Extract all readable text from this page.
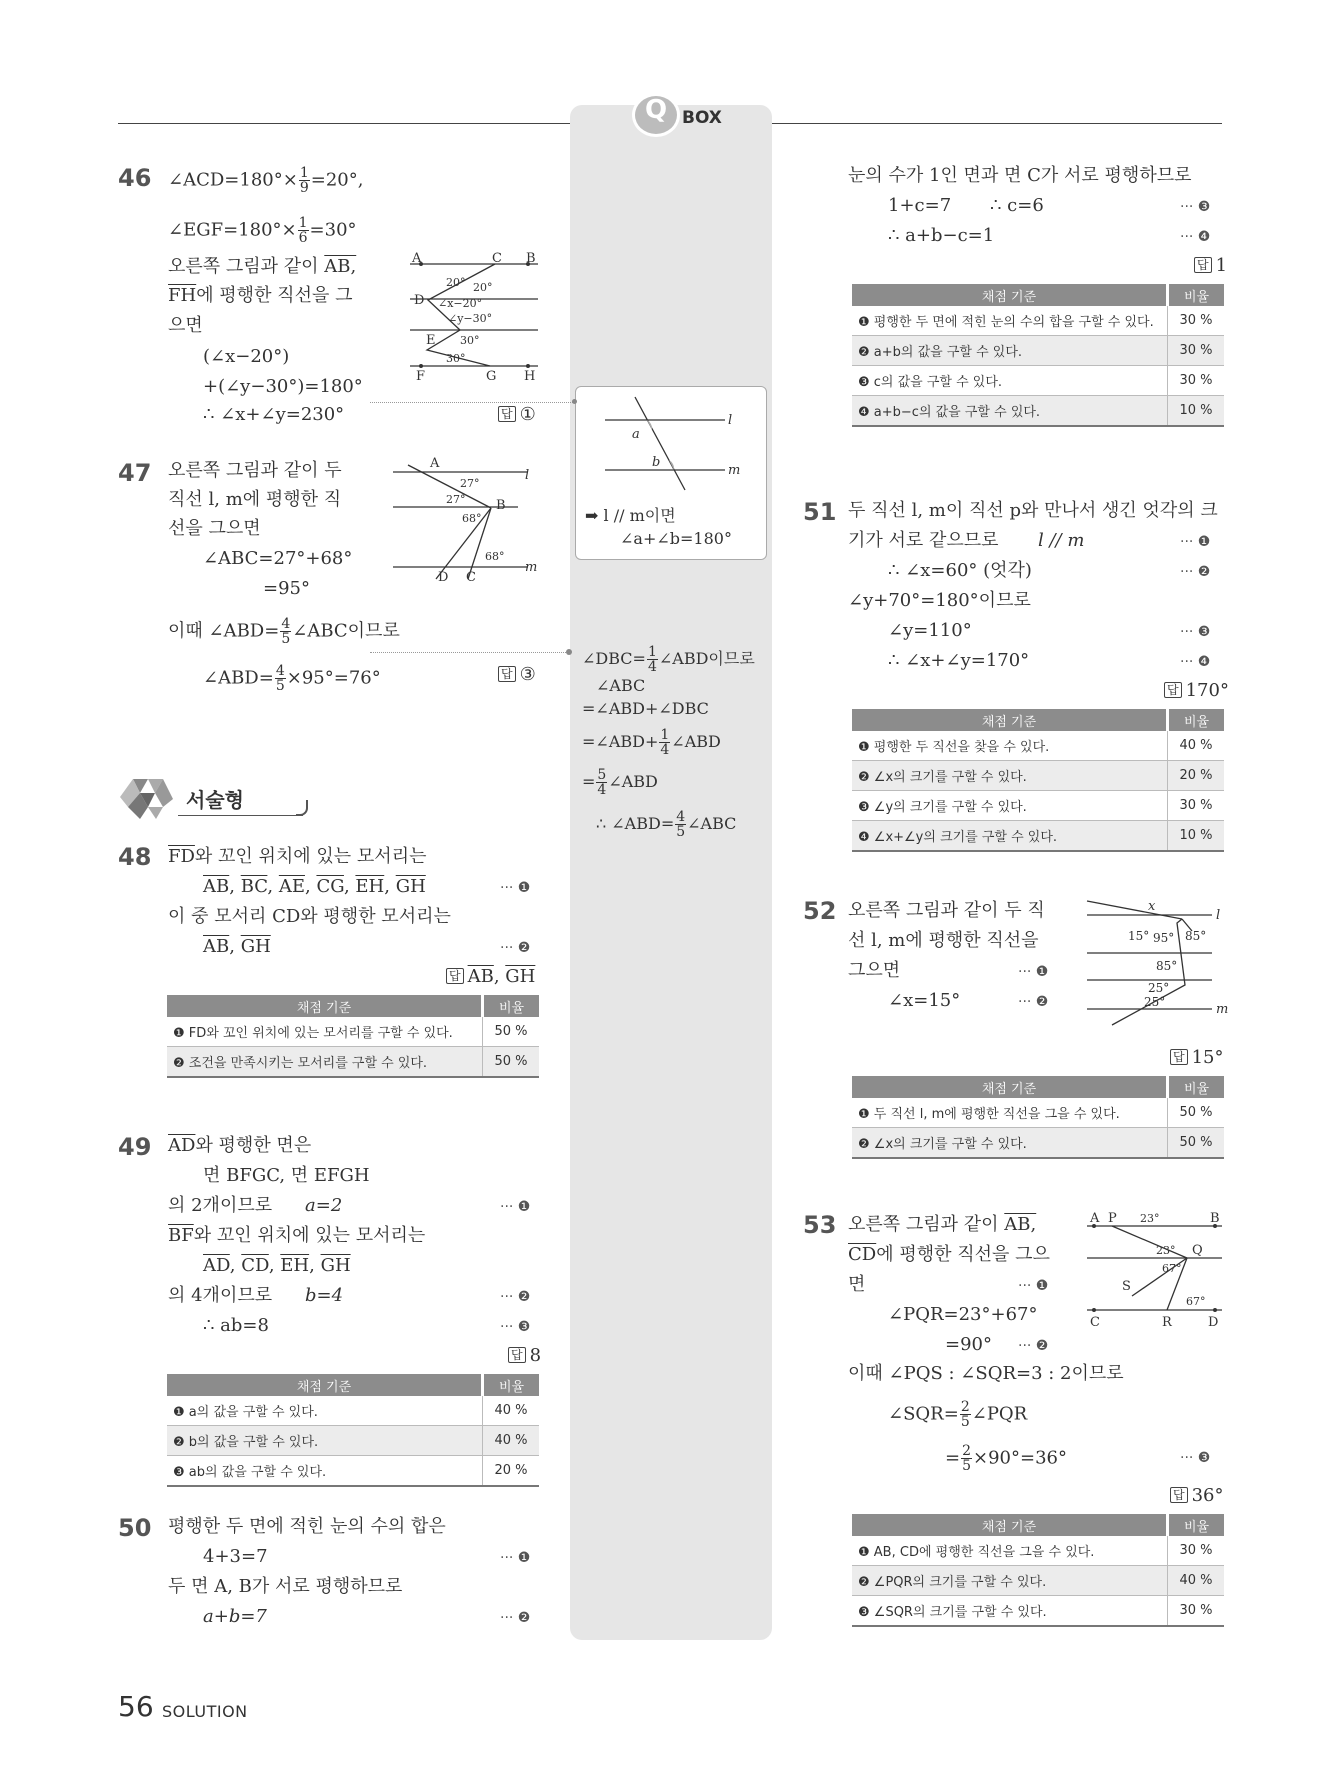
Q BOX
46 ∠ACD=180°× $\frac{1}{9} =20^\circ$,
∠EGF=180°× $\frac{1}{6} =30^\circ$
오른쪽 그림과 같이 AB,
$\overline{FH}$에 평행한 직선을 그
으면
(∠x−20°)
+(∠y−30°)=180°
∴ ∠x+∠y=230°	답 ①
A	C B
20° 20°
D ∠x−20°
∠y−30°
E 30°
30°
F	G H
47 오른쪽 그림과 같이 두
직선 l, m에 평행한 직
선을 그으면
∠ABC=27°+68°
=95°
이때 ∠ABD= $\frac{4}{5}$ ∠ABC이므로
∠ABD= $\frac{4}{5} \times 95^\circ=76^\circ$	답 ③
A
27°
27° B
68°
68°
D C
l
m
서술형
48 $\overline{FD}$와 꼬인 위치에 있는 모서리는
$\overline{AB}$, $\overline{BC}$, $\overline{AE}$, $\overline{CG}$, $\overline{EH}$, $\overline{GH}$	··· ❶
이 중 모서리 CD와 평행한 모서리는
$\overline{AB}$, $\overline{GH}$	··· ❷
답 $\overline{AB}$, $\overline{GH}$
채점 기준	비율
❶ FD와 꼬인 위치에 있는 모서리를 구할 수 있다.	50 %
❷ 조건을 만족시키는 모서리를 구할 수 있다.	50 %
49 $\overline{AD}$와 평행한 면은
면 BFGC, 면 EFGH
의 2개이므로 a=2	··· ❶
$\overline{BF}$와 꼬인 위치에 있는 모서리는
$\overline{AD}$, $\overline{CD}$, $\overline{EH}$, $\overline{GH}$
의 4개이므로 b=4	··· ❷
∴ ab=8	··· ❸
답 8
채점 기준	비율
❶ a의 값을 구할 수 있다.	40 %
❷ b의 값을 구할 수 있다.	40 %
❸ ab의 값을 구할 수 있다.	20 %
50 평행한 두 면에 적힌 눈의 수의 합은
4+3=7	··· ❶
두 면 A, B가 서로 평행하므로
a+b=7	··· ❷
눈의 수가 1인 면과 면 C가 서로 평행하므로
1+c=7 ∴ c=6	··· ❸
∴ a+b−c=1	··· ❹
답 1
채점 기준	비율
❶ 평행한 두 면에 적힌 눈의 수의 합을 구할 수 있다.	30 %
❷ a+b의 값을 구할 수 있다.	30 %
❸ c의 값을 구할 수 있다.	30 %
❹ a+b−c의 값을 구할 수 있다.	10 %
51 두 직선 l, m이 직선 p와 만나서 생긴 엇각의 크
기가 서로 같으므로 l // m	··· ❶
∴ ∠x=60° (엇각)	··· ❷
∠y+70°=180°이므로
∠y=110°	··· ❸
∴ ∠x+∠y=170°	··· ❹
답 170°
채점 기준	비율
❶ 평행한 두 직선을 찾을 수 있다.	40 %
❷ ∠x의 크기를 구할 수 있다.	20 %
❸ ∠y의 크기를 구할 수 있다.	30 %
❹ ∠x+∠y의 크기를 구할 수 있다.	10 %
52 오른쪽 그림과 같이 두 직
선 l, m에 평행한 직선을
그으면	··· ❶
∠x=15°	··· ❷
답 15°
x
l
m
15° 95° 85°
85°
25°
25°
채점 기준	비율
❶ 두 직선 l, m에 평행한 직선을 그을 수 있다.	50 %
❷ ∠x의 크기를 구할 수 있다.	50 %
53 오른쪽 그림과 같이 AB,
$\overline{CD}$에 평행한 직선을 그으
면	··· ❶
∠PQR=23°+67°
=90° ··· ❷
이때 ∠PQS : ∠SQR=3 : 2이므로
∠SQR= $\frac{2}{5}$ ∠PQR
= $\frac{2}{5} \times 90^\circ=36^\circ$	··· ❸
답 36°
A P 23°	B
23° Q
67°
S
67°
C	R	D
채점 기준	비율
❶ AB, CD에 평행한 직선을 그을 수 있다.	30 %
❷ ∠PQR의 크기를 구할 수 있다.	40 %
❸ ∠SQR의 크기를 구할 수 있다.	30 %
a
b
l
m
➡ l // m이면
∠a+∠b=180°
∠DBC= $\frac{1}{4}$ ∠ABD이므로
∠ABC
=∠ABD+∠DBC
=∠ABD+ $\frac{1}{4}$ ∠ABD
= $\frac{5}{4}$ ∠ABD
∴ ∠ABD= $\frac{4}{5}$ ∠ABC
56 SOLUTION
